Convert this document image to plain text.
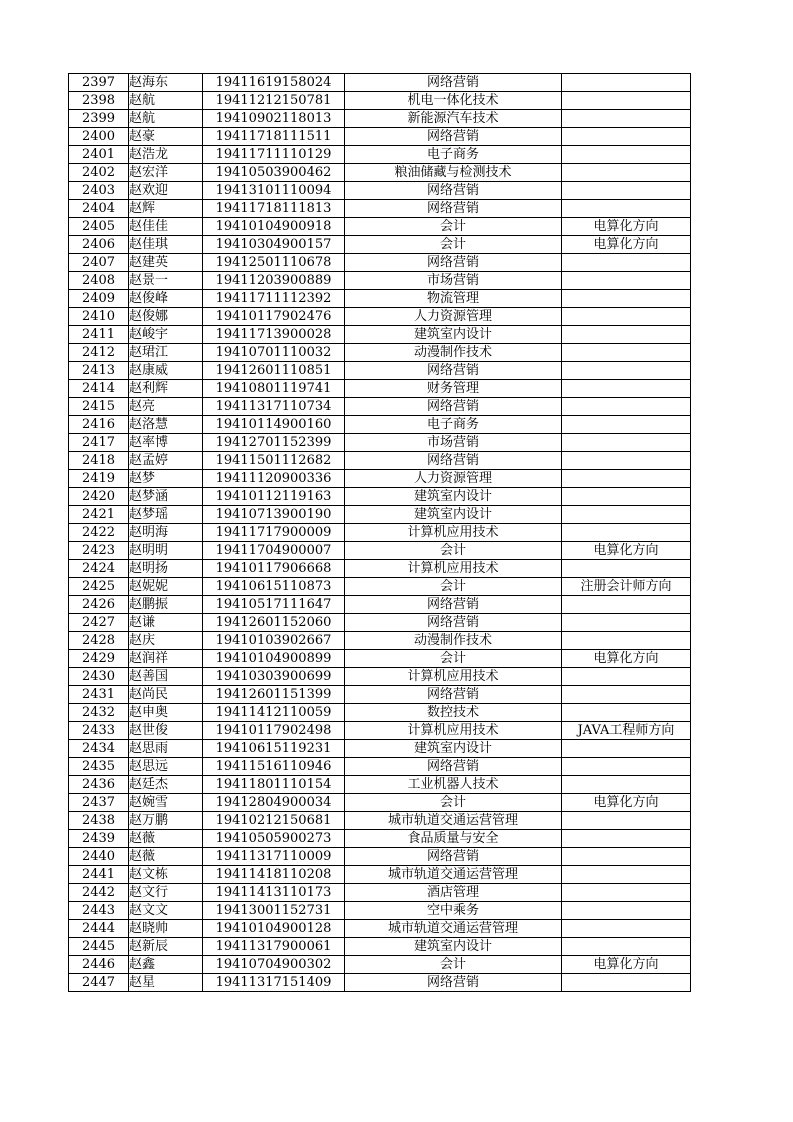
2397	赵海东	19411619158024	网络营销	
2398	赵航	19411212150781	机电一体化技术	
2399	赵航	19410902118013	新能源汽车技术	
2400	赵豪	19411718111511	网络营销	
2401	赵浩龙	19411711110129	电子商务	
2402	赵宏洋	19410503900462	粮油储藏与检测技术	
2403	赵欢迎	19413101110094	网络营销	
2404	赵辉	19411718111813	网络营销	
2405	赵佳佳	19410104900918	会计	电算化方向
2406	赵佳琪	19410304900157	会计	电算化方向
2407	赵建英	19412501110678	网络营销	
2408	赵景一	19411203900889	市场营销	
2409	赵俊峰	19411711112392	物流管理	
2410	赵俊娜	19410117902476	人力资源管理	
2411	赵峻宇	19411713900028	建筑室内设计	
2412	赵珺江	19410701110032	动漫制作技术	
2413	赵康威	19412601110851	网络营销	
2414	赵利辉	19410801119741	财务管理	
2415	赵亮	19411317110734	网络营销	
2416	赵洛慧	19410114900160	电子商务	
2417	赵率博	19412701152399	市场营销	
2418	赵孟婷	19411501112682	网络营销	
2419	赵梦	19411120900336	人力资源管理	
2420	赵梦涵	19410112119163	建筑室内设计	
2421	赵梦瑶	19410713900190	建筑室内设计	
2422	赵明海	19411717900009	计算机应用技术	
2423	赵明明	19411704900007	会计	电算化方向
2424	赵明扬	19410117906668	计算机应用技术	
2425	赵妮妮	19410615110873	会计	注册会计师方向
2426	赵鹏振	19410517111647	网络营销	
2427	赵谦	19412601152060	网络营销	
2428	赵庆	19410103902667	动漫制作技术	
2429	赵润祥	19410104900899	会计	电算化方向
2430	赵善国	19410303900699	计算机应用技术	
2431	赵尚民	19412601151399	网络营销	
2432	赵申奥	19411412110059	数控技术	
2433	赵世俊	19410117902498	计算机应用技术	JAVA工程师方向
2434	赵思雨	19410615119231	建筑室内设计	
2435	赵思远	19411516110946	网络营销	
2436	赵廷杰	19411801110154	工业机器人技术	
2437	赵婉雪	19412804900034	会计	电算化方向
2438	赵万鹏	19410212150681	城市轨道交通运营管理	
2439	赵薇	19410505900273	食品质量与安全	
2440	赵薇	19411317110009	网络营销	
2441	赵文栋	19411418110208	城市轨道交通运营管理	
2442	赵文行	19411413110173	酒店管理	
2443	赵文文	19413001152731	空中乘务	
2444	赵晓帅	19410104900128	城市轨道交通运营管理	
2445	赵新辰	19411317900061	建筑室内设计	
2446	赵鑫	19410704900302	会计	电算化方向
2447	赵星	19411317151409	网络营销	
